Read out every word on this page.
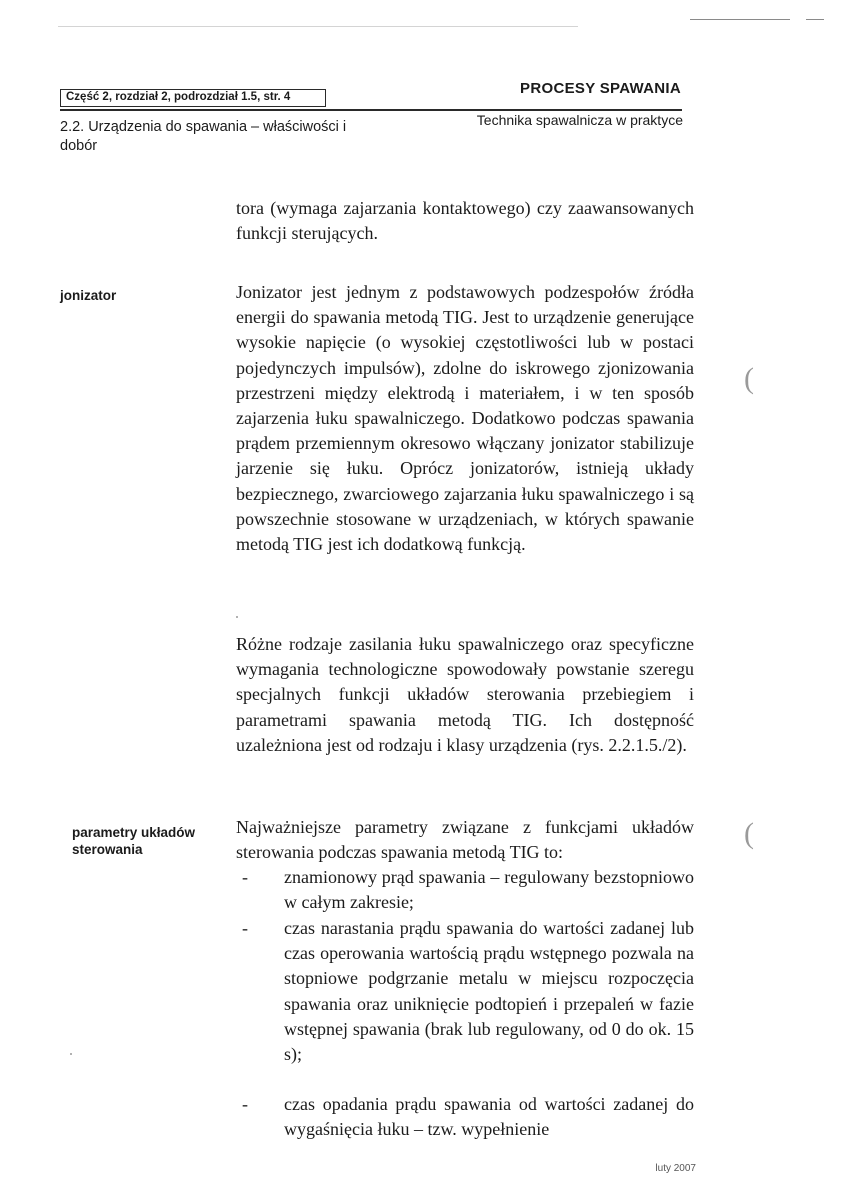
Część 2, rozdział 2, podrozdział 1.5, str. 4	PROCESY SPAWANIA
2.2. Urządzenia do spawania – właściwości i dobór
Technika spawalnicza w praktyce
tora (wymaga zajarzania kontaktowego) czy zaawansowanych funkcji sterujących.
jonizator	Jonizator jest jednym z podstawowych podzespołów źródła energii do spawania metodą TIG. Jest to urządzenie generujące wysokie napięcie (o wysokiej częstotliwości lub w postaci pojedynczych impulsów), zdolne do iskrowego zjonizowania przestrzeni między elektrodą i materiałem, i w ten sposób zajarzenia łuku spawalniczego. Dodatkowo podczas spawania prądem przemiennym okresowo włączany jonizator stabilizuje jarzenie się łuku. Oprócz jonizatorów, istnieją układy bezpiecznego, zwarciowego zajarzania łuku spawalniczego i są powszechnie stosowane w urządzeniach, w których spawanie metodą TIG jest ich dodatkową funkcją.
Różne rodzaje zasilania łuku spawalniczego oraz specyficzne wymagania technologiczne spowodowały powstanie szeregu specjalnych funkcji układów sterowania przebiegiem i parametrami spawania metodą TIG. Ich dostępność uzależniona jest od rodzaju i klasy urządzenia (rys. 2.2.1.5./2).
parametry układów sterowania
Najważniejsze parametry związane z funkcjami układów sterowania podczas spawania metodą TIG to:
- znamionowy prąd spawania – regulowany bezstopniowo w całym zakresie;
- czas narastania prądu spawania do wartości zadanej lub czas operowania wartością prądu wstępnego pozwala na stopniowe podgrzanie metalu w miejscu rozpoczęcia spawania oraz uniknięcie podtopień i przepaleń w fazie wstępnej spawania (brak lub regulowany, od 0 do ok. 15 s);
- czas opadania prądu spawania od wartości zadanej do wygaśnięcia łuku – tzw. wypełnienie
(
(
luty 2007
